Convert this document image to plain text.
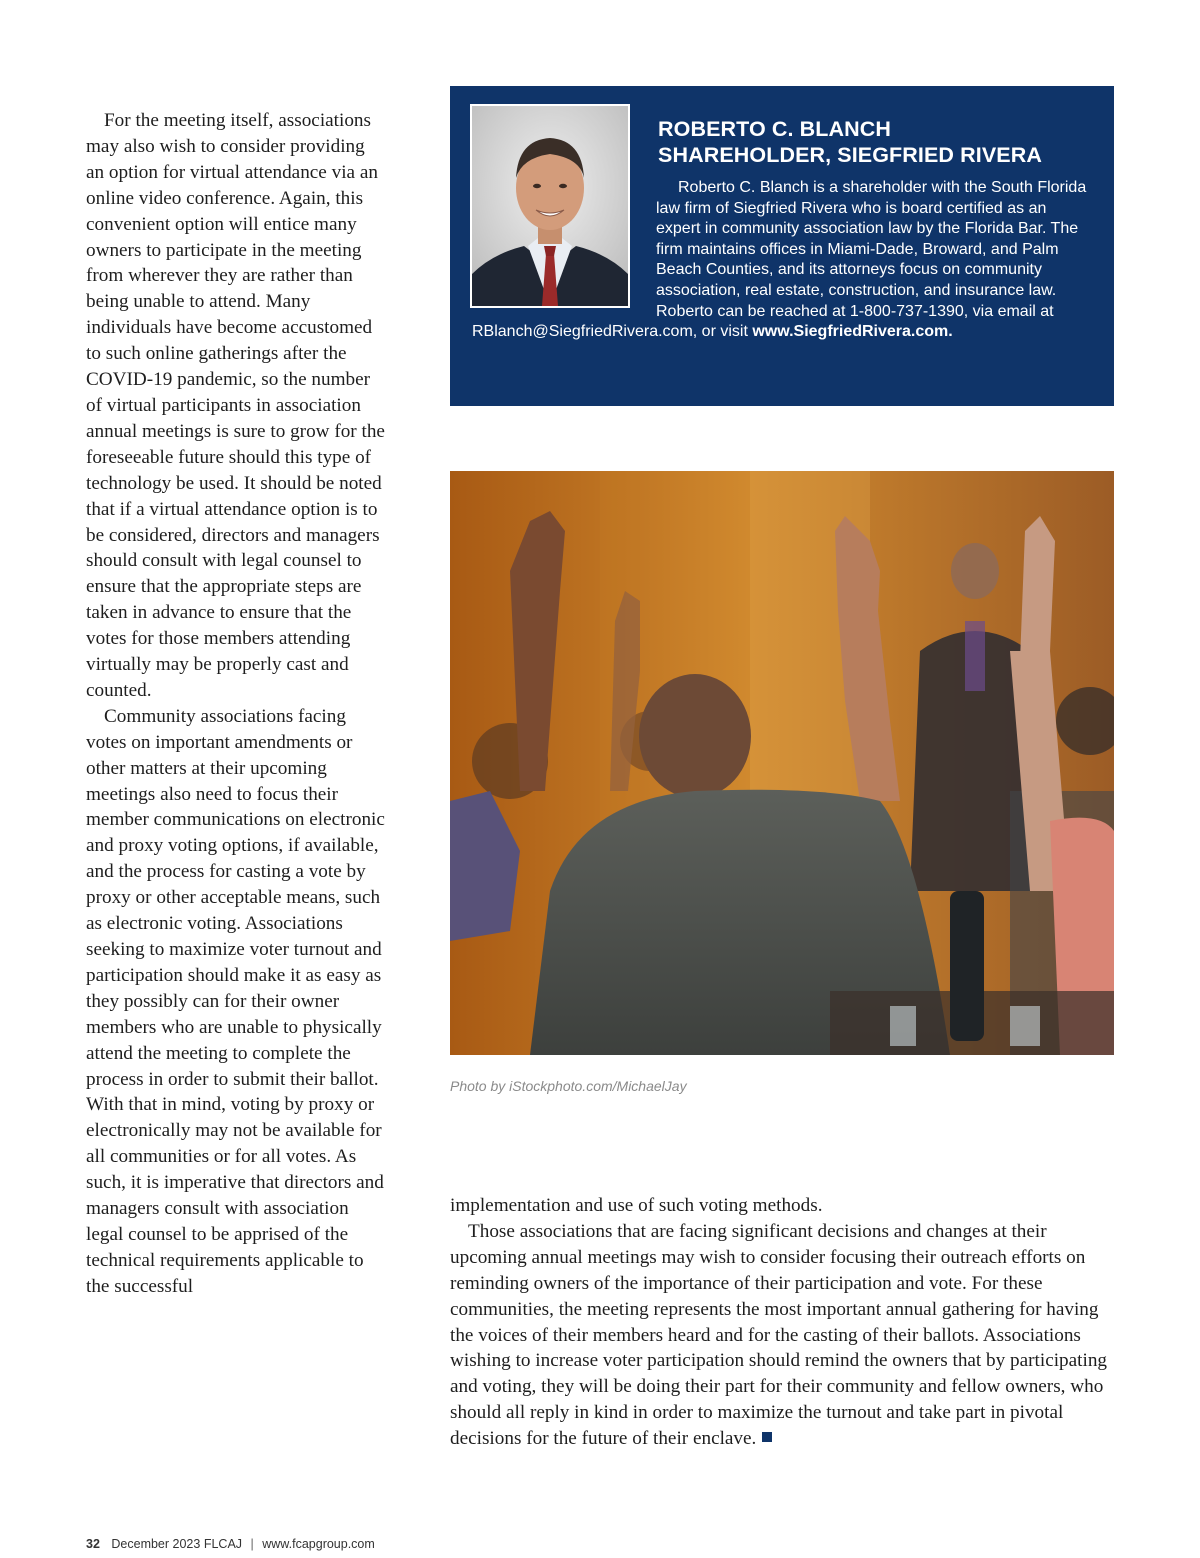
For the meeting itself, associations may also wish to consider providing an option for virtual attendance via an online video conference. Again, this convenient option will entice many owners to participate in the meeting from wherever they are rather than being unable to attend. Many individuals have become accustomed to such online gatherings after the COVID-19 pandemic, so the number of virtual participants in association annual meetings is sure to grow for the foreseeable future should this type of technology be used. It should be noted that if a virtual attendance option is to be considered, directors and managers should consult with legal counsel to ensure that the appropriate steps are taken in advance to ensure that the votes for those members attending virtually may be properly cast and counted.

Community associations facing votes on important amendments or other matters at their upcoming meetings also need to focus their member communications on electronic and proxy voting options, if available, and the process for casting a vote by proxy or other acceptable means, such as electronic voting. Associations seeking to maximize voter turnout and participation should make it as easy as they possibly can for their owner members who are unable to physically attend the meeting to complete the process in order to submit their ballot. With that in mind, voting by proxy or electronically may not be available for all communities or for all votes. As such, it is imperative that directors and managers consult with association legal counsel to be apprised of the technical requirements applicable to the successful

ROBERTO C. BLANCH
SHAREHOLDER, SIEGFRIED RIVERA

Roberto C. Blanch is a shareholder with the South Florida law firm of Siegfried Rivera who is board certified as an expert in community association law by the Florida Bar. The firm maintains offices in Miami-Dade, Broward, and Palm Beach Counties, and its attorneys focus on community association, real estate, construction, and insurance law. Roberto can be reached at 1-800-737-1390, via email at RBlanch@SiegfriedRivera.com, or visit www.SiegfriedRivera.com.

Photo by iStockphoto.com/MichaelJay

implementation and use of such voting methods.

Those associations that are facing significant decisions and changes at their upcoming annual meetings may wish to consider focusing their outreach efforts on reminding owners of the importance of their participation and vote. For these communities, the meeting represents the most important annual gathering for having the voices of their members heard and for the casting of their ballots. Associations wishing to increase voter participation should remind the owners that by participating and voting, they will be doing their part for their community and fellow owners, who should all reply in kind in order to maximize the turnout and take part in pivotal decisions for the future of their enclave.

32 December 2023 FLCAJ | www.fcapgroup.com
